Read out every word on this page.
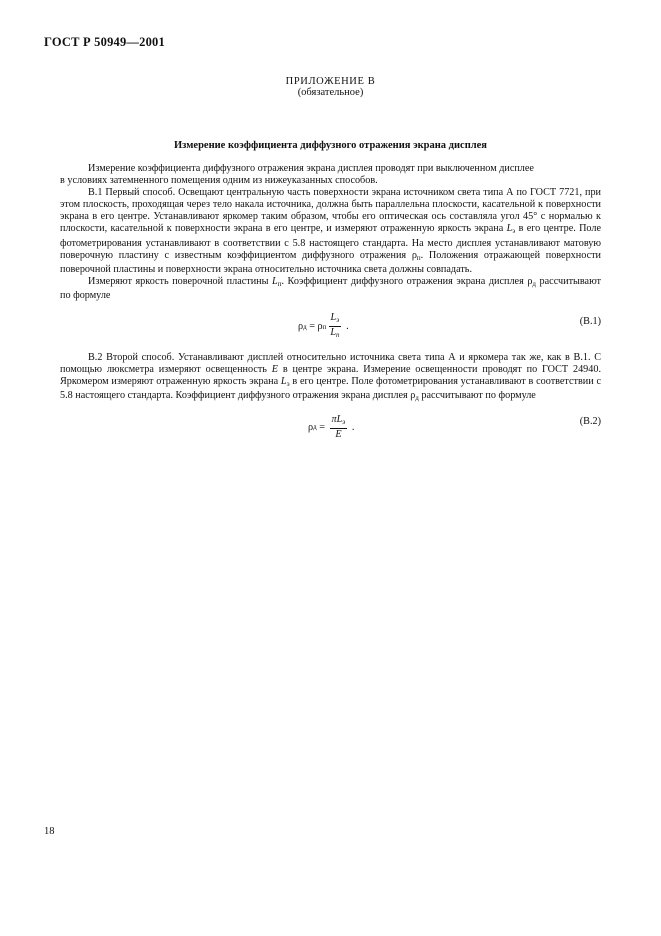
ГОСТ Р 50949—2001
ПРИЛОЖЕНИЕ В
(обязательное)
Измерение коэффициента диффузного отражения экрана дисплея

Измерение коэффициента диффузного отражения экрана дисплея проводят при выключенном дисплее

в условиях затемненного помещения одним из нижеуказанных способов.

В.1 Первый способ. Освещают центральную часть поверхности экрана источником света типа А по ГОСТ 7721, при этом плоскость, проходящая через тело накала источника, должна быть параллельна плоскости, касательной к поверхности экрана в его центре. Устанавливают яркомер таким образом, чтобы его оптическая ось составляла угол 45° с нормалью к плоскости, касательной к поверхности экрана в его центре, и измеряют отраженную яркость экрана $L_э$ в его центре. Поле фотометрирования устанавливают в соответствии с 5.8 настоящего стандарта. На место дисплея устанавливают матовую поверочную пластину с известным коэффициентом диффузного отражения $\rho_п$. Положения отражающей поверхности поверочной пластины и поверхности экрана относительно источника света должны совпадать.

Измеряют яркость поверочной пластины $L_п$. Коэффициент диффузного отражения экрана дисплея $\rho_д$ рассчитывают по формуле

ρ д = ρ п $\frac{L_э}{L_п}$ .	(В.1)

В.2 Второй способ. Устанавливают дисплей относительно источника света типа А и яркомера так же, как в В.1. С помощью люксметра измеряют освещенность E в центре экрана. Измерение освещенности проводят по ГОСТ 24940. Яркомером измеряют отраженную яркость экрана $L_э$ в его центре. Поле фотометрирования устанавливают в соответствии с 5.8 настоящего стандарта. Коэффициент диффузного отражения экрана дисплея $\rho_д$ рассчитывают по формуле

ρ $д = \frac{\pi L_э}{E}$ .	(В.2)
18
